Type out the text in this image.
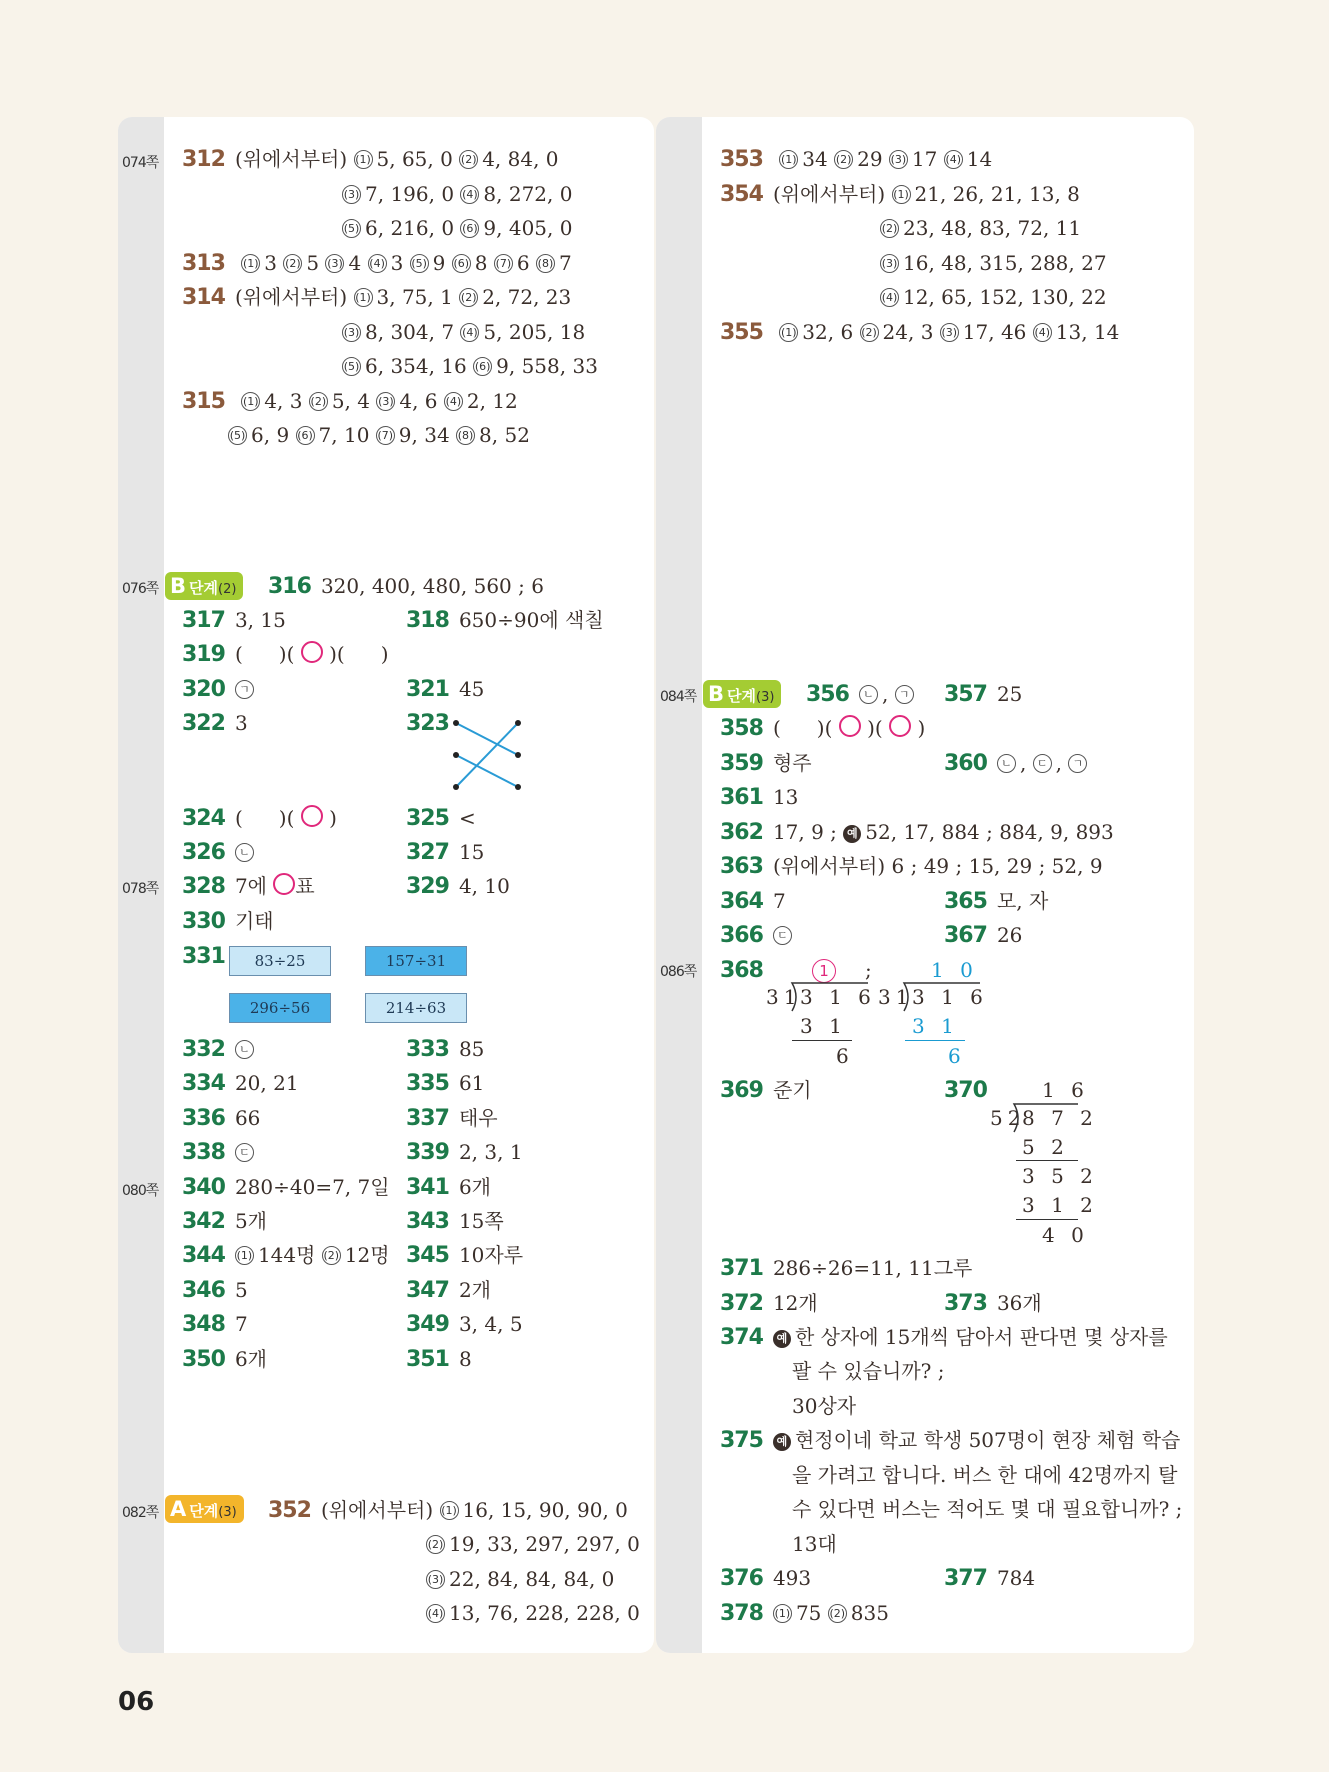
074쪽
076쪽
078쪽
080쪽
082쪽
084쪽
086쪽
312 (위에서부터) (1) 5, 65, 0 (2) 4, 84, 0
(3) 7, 196, 0 (4) 8, 272, 0
(5) 6, 216, 0 (6) 9, 405, 0
313 (1) 3 (2) 5 (3) 4 (4) 3 (5) 9 (6) 8 (7) 6 (8) 7
314 (위에서부터) (1) 3, 75, 1 (2) 2, 72, 23
(3) 8, 304, 7 (4) 5, 205, 18
(5) 6, 354, 16 (6) 9, 558, 33
315 (1) 4, 3 (2) 5, 4 (3) 4, 6 (4) 2, 12
(5) 6, 9 (6) 7, 10 (7) 9, 34 (8) 8, 52
B 단계(2)	316 320, 400, 480, 560 ; 6
317 3, 15	318 650÷90에 색칠
319 ( )( ○ )( )
320 ㄱ	321 45
322 3	323
324 ( )( ○ )	325 <
326 ㄴ	327 15
328 7에 ○표	329 4, 10
330 기태
331	83÷25	157÷31
296÷56	214÷63
332 ㄴ	333 85
334 20, 21	335 61
336 66	337 태우
338 ㄷ	339 2, 3, 1
340 280÷40=7, 7일 341 6개
342 5개	343 15쪽
344 (1) 144명 (2) 12명 345 10자루
346 5	347 2개
348 7	349 3, 4, 5
350 6개	351 8
A 단계(3)	352 (위에서부터) (1) 16, 15, 90, 90, 0
(2) 19, 33, 297, 297, 0
(3) 22, 84, 84, 84, 0
(4) 13, 76, 228, 228, 0
353 (1) 34 (2) 29 (3) 17 (4) 14
354 (위에서부터) (1) 21, 26, 21, 13, 8
(2) 23, 48, 83, 72, 11
(3) 16, 48, 315, 288, 27
(4) 12, 65, 152, 130, 22
355 (1) 32, 6 (2) 24, 3 (3) 17, 46 (4) 13, 14
B 단계(3)	356 ㄴ , ㄱ	357 25
358 ( )( ○ )( ○ )
359 형주	360 ㄴ , ㄷ , ㄱ
361 13
362 17, 9 ; 예 52, 17, 884 ; 884, 9, 893
363 (위에서부터) 6 ; 49 ; 15, 29 ; 52, 9
364 7	365 모, 자
366 ㄷ	367 26
368	1	;
31
3 1 6
3 1
6
1 0
31
3 1 6
3 1
6
369 준기	370	1 6
52
8 7 2
5 2
3 5 2
3 1 2
4 0
371 286÷26=11, 11그루
372 12개	373 36개
374 예 한 상자에 15개씩 담아서 판다면 몇 상자를
팔 수 있습니까? ;
30상자
375 예 현정이네 학교 학생 507명이 현장 체험 학습
을 가려고 합니다. 버스 한 대에 42명까지 탈
수 있다면 버스는 적어도 몇 대 필요합니까? ;
13대
376 493	377 784
378 (1) 75 (2) 835
06
